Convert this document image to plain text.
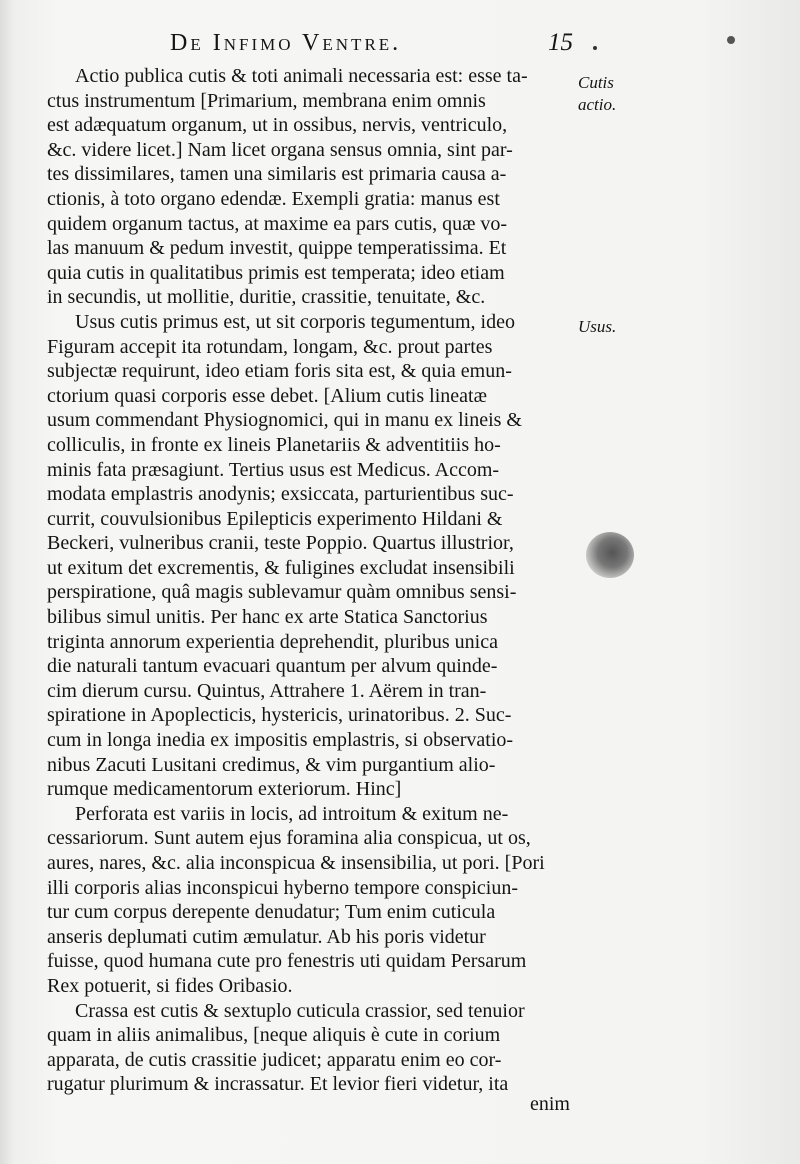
De Infimo Ventre.	15
Cutis actio.
Usus.
Actio publica cutis & toti animali necessaria est: esse ta-
ctus instrumentum [Primarium, membrana enim omnis
est adæquatum organum, ut in ossibus, nervis, ventriculo,
&c. videre licet.] Nam licet organa sensus omnia, sint par-
tes dissimilares, tamen una similaris est primaria causa a-
ctionis, à toto organo edendæ. Exempli gratia: manus est
quidem organum tactus, at maxime ea pars cutis, quæ vo-
las manuum & pedum investit, quippe temperatissima. Et
quia cutis in qualitatibus primis est temperata; ideo etiam
in secundis, ut mollitie, duritie, crassitie, tenuitate, &c.
Usus cutis primus est, ut sit corporis tegumentum, ideo
Figuram accepit ita rotundam, longam, &c. prout partes
subjectæ requirunt, ideo etiam foris sita est, & quia emun-
ctorium quasi corporis esse debet. [Alium cutis lineatæ
usum commendant Physiognomici, qui in manu ex lineis &
colliculis, in fronte ex lineis Planetariis & adventitiis ho-
minis fata præsagiunt. Tertius usus est Medicus. Accom-
modata emplastris anodynis; exsiccata, parturientibus suc-
currit, couvulsionibus Epilepticis experimento Hildani &
Beckeri, vulneribus cranii, teste Poppio. Quartus illustrior,
ut exitum det excrementis, & fuligines excludat insensibili
perspiratione, quâ magis sublevamur quàm omnibus sensi-
bilibus simul unitis. Per hanc ex arte Statica Sanctorius
triginta annorum experientia deprehendit, pluribus unica
die naturali tantum evacuari quantum per alvum quinde-
cim dierum cursu. Quintus, Attrahere 1. Aërem in tran-
spiratione in Apoplecticis, hystericis, urinatoribus. 2. Suc-
cum in longa inedia ex impositis emplastris, si observatio-
nibus Zacuti Lusitani credimus, & vim purgantium alio-
rumque medicamentorum exteriorum. Hinc]
Perforata est variis in locis, ad introitum & exitum ne-
cessariorum. Sunt autem ejus foramina alia conspicua, ut os,
aures, nares, &c. alia inconspicua & insensibilia, ut pori. [Pori
illi corporis alias inconspicui hyberno tempore conspiciun-
tur cum corpus derepente denudatur; Tum enim cuticula
anseris deplumati cutim æmulatur. Ab his poris videtur
fuisse, quod humana cute pro fenestris uti quidam Persarum
Rex potuerit, si fides Oribasio.
Crassa est cutis & sextuplo cuticula crassior, sed tenuior
quam in aliis animalibus, [neque aliquis è cute in corium
apparata, de cutis crassitie judicet; apparatu enim eo cor-
rugatur plurimum & incrassatur. Et levior fieri videtur, ita
enim
